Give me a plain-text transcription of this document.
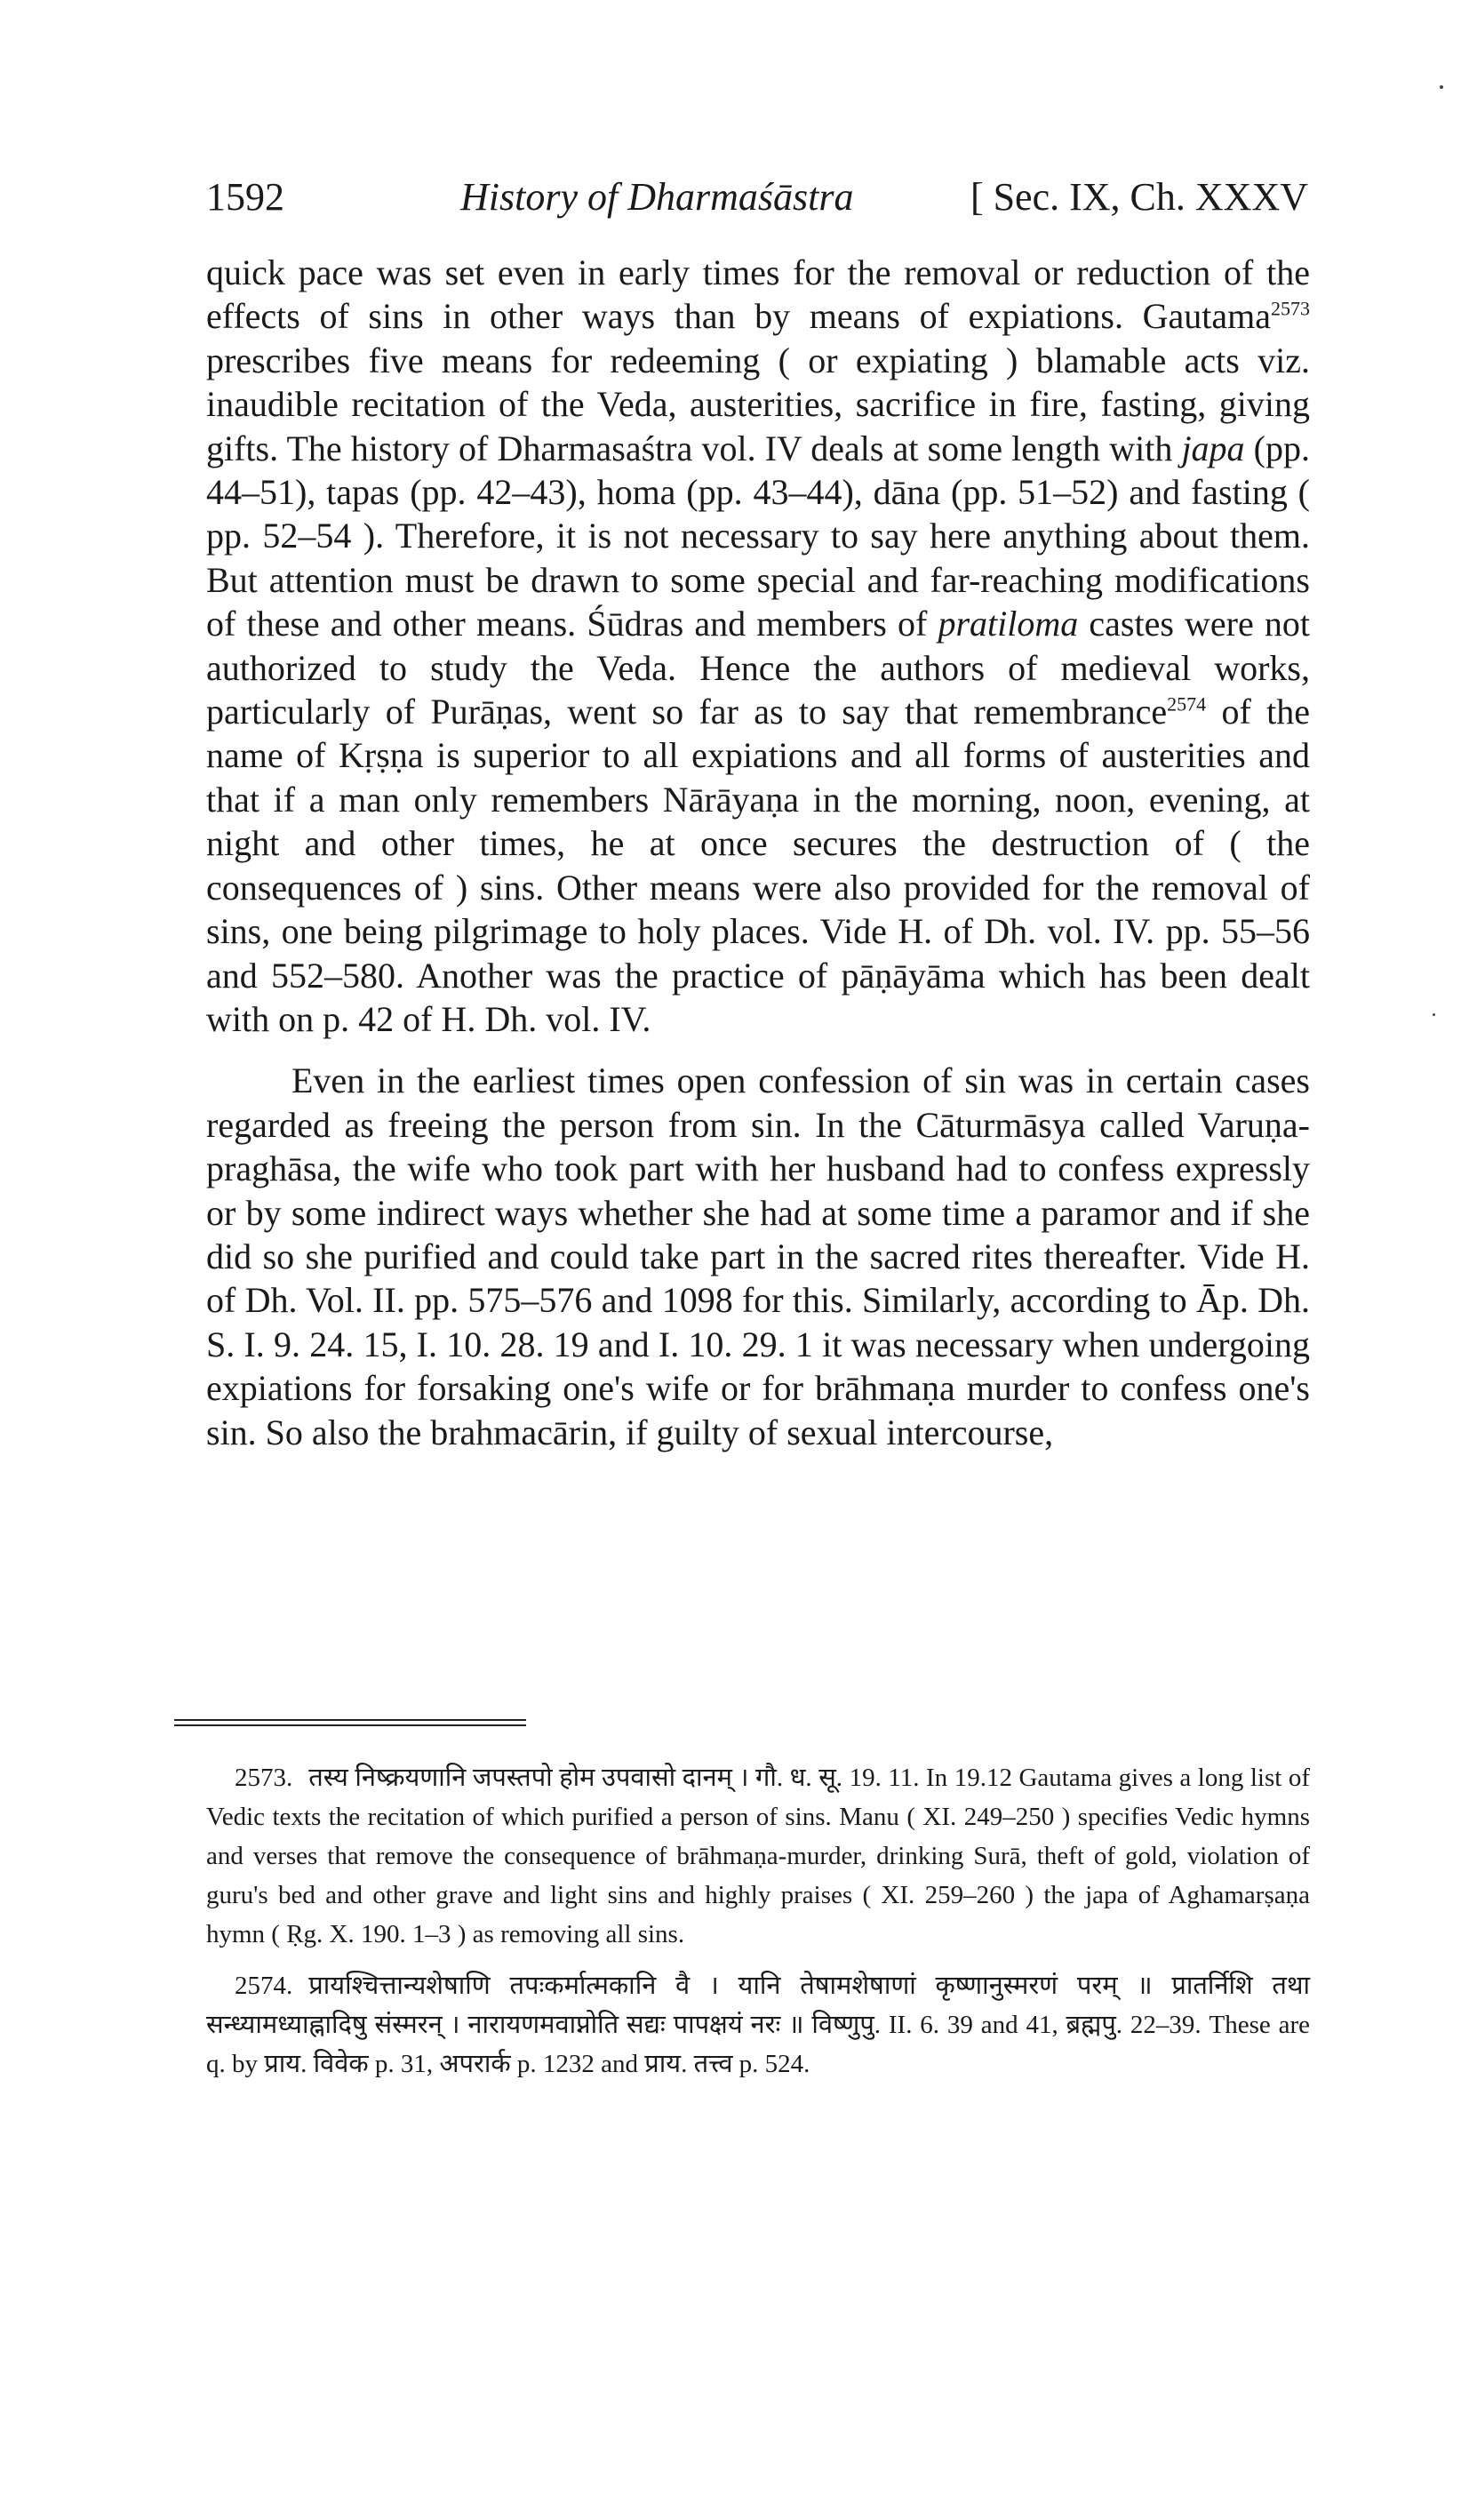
1592	History of Dharmaśāstra	[ Sec. IX, Ch. XXXV

quick pace was set even in early times for the removal or reduction of the effects of sins in other ways than by means of expiations. Gautama$^{2573}$ prescribes five means for redeeming ( or expiating ) blamable acts viz. inaudible recitation of the Veda, austerities, sacrifice in fire, fasting, giving gifts. The history of Dharmasaśtra vol. IV deals at some length with japa (pp. 44–51), tapas (pp. 42–43), homa (pp. 43–44), dāna (pp. 51–52) and fasting ( pp. 52–54 ). Therefore, it is not necessary to say here anything about them. But attention must be drawn to some special and far-reaching modifications of these and other means. Śūdras and members of pratiloma castes were not authorized to study the Veda. Hence the authors of medieval works, particularly of Purāṇas, went so far as to say that remembrance$^{2574}$ of the name of Kṛṣṇa is superior to all expiations and all forms of austerities and that if a man only remembers Nārāyaṇa in the morning, noon, evening, at night and other times, he at once secures the destruction of ( the consequences of ) sins. Other means were also provided for the removal of sins, one being pilgrimage to holy places. Vide H. of Dh. vol. IV. pp. 55–56 and 552–580. Another was the practice of pāṇāyāma which has been dealt with on p. 42 of H. Dh. vol. IV.

Even in the earliest times open confession of sin was in certain cases regarded as freeing the person from sin. In the Cāturmāsya called Varuṇa-praghāsa, the wife who took part with her husband had to confess expressly or by some indirect ways whether she had at some time a paramor and if she did so she purified and could take part in the sacred rites thereafter. Vide H. of Dh. Vol. II. pp. 575–576 and 1098 for this. Similarly, according to Āp. Dh. S. I. 9. 24. 15, I. 10. 28. 19 and I. 10. 29. 1 it was necessary when undergoing expiations for forsaking one's wife or for brāhmaṇa murder to confess one's sin. So also the brahmacārin, if guilty of sexual intercourse,

2573. तस्य निष्क्रयणानि जपस्तपो होम उपवासो दानम् । गौ. ध. सू. 19. 11. In 19.12 Gautama gives a long list of Vedic texts the recitation of which purified a person of sins. Manu ( XI. 249–250 ) specifies Vedic hymns and verses that remove the consequence of brāhmaṇa-murder, drinking Surā, theft of gold, violation of guru's bed and other grave and light sins and highly praises ( XI. 259–260 ) the japa of Aghamarṣaṇa hymn ( Ṛg. X. 190. 1–3 ) as removing all sins.

2574. प्रायश्चित्तान्यशेषाणि तपःकर्मात्मकानि वै । यानि तेषामशेषाणां कृष्णानुस्मरणं परम् ॥ प्रातर्निशि तथा सन्ध्यामध्याह्नादिषु संस्मरन् । नारायणमवाप्नोति सद्यः पापक्षयं नरः ॥ विष्णुपु. II. 6. 39 and 41, ब्रह्मपु. 22–39. These are q. by प्राय. विवेक p. 31, अपरार्क p. 1232 and प्राय. तत्त्व p. 524.
